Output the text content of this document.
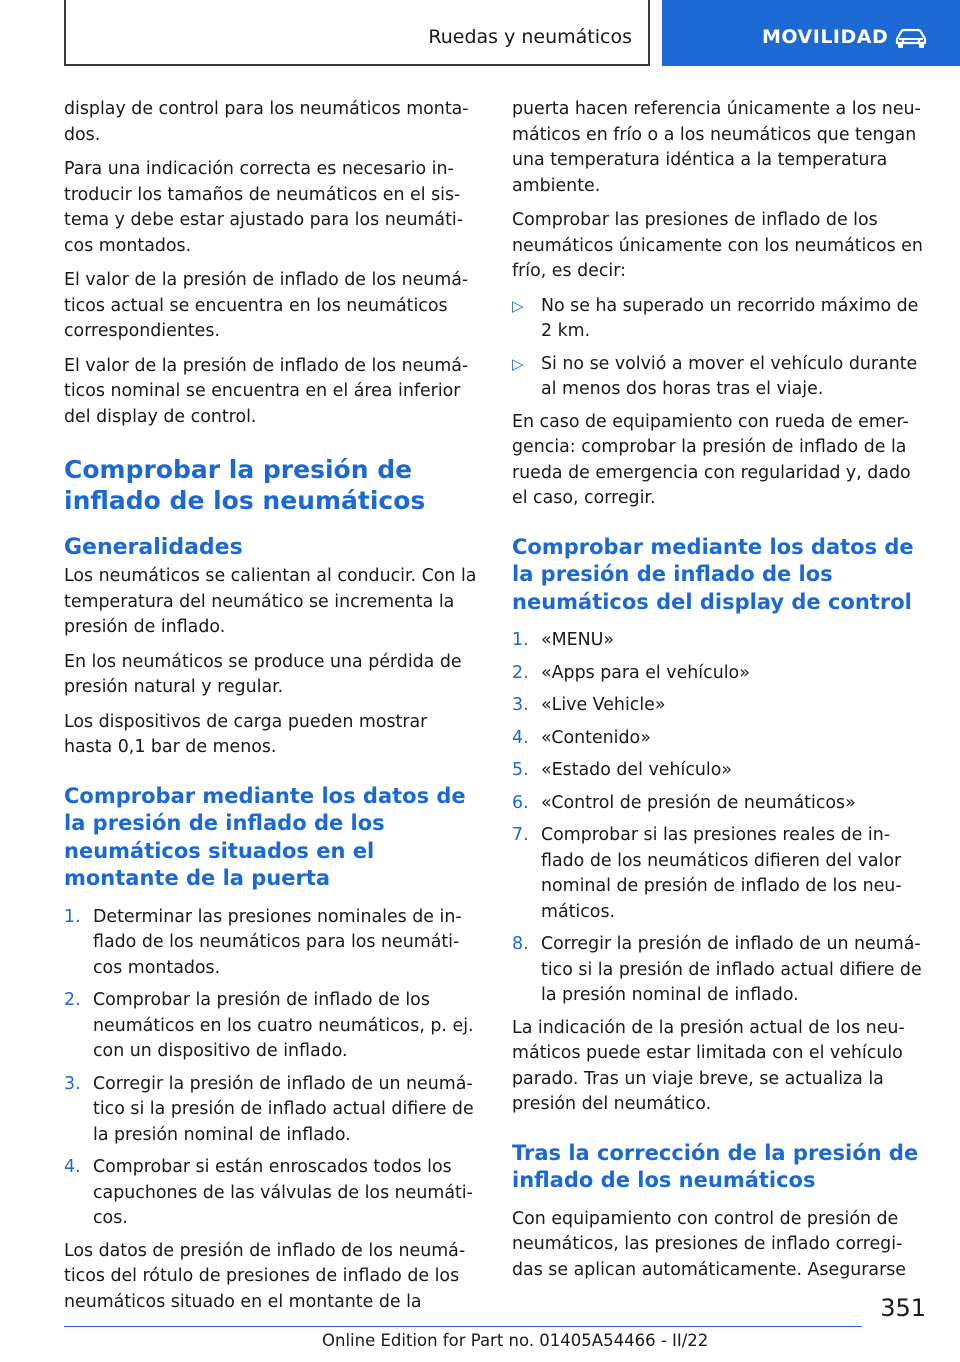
Ruedas y neumáticos	MOVILIDAD

display de control para los neumáticos monta-dos.

Para una indicación correcta es necesario in-troducir los tamaños de neumáticos en el sis-tema y debe estar ajustado para los neumáti-cos montados.

El valor de la presión de inflado de los neumá-ticos actual se encuentra en los neumáticos correspondientes.

El valor de la presión de inflado de los neumá-ticos nominal se encuentra en el área inferior del display de control.

Comprobar la presión de inflado de los neumáticos
Generalidades

Los neumáticos se calientan al conducir. Con la temperatura del neumático se incrementa la presión de inflado.

En los neumáticos se produce una pérdida de presión natural y regular.

Los dispositivos de carga pueden mostrar hasta 0,1 bar de menos.

Comprobar mediante los datos de la presión de inflado de los neumáticos situados en el montante de la puerta
1. Determinar las presiones nominales de in-flado de los neumáticos para los neumáti-cos montados.
2. Comprobar la presión de inflado de los neumáticos en los cuatro neumáticos, p. ej. con un dispositivo de inflado.
3. Corregir la presión de inflado de un neumá-tico si la presión de inflado actual difiere de la presión nominal de inflado.
4. Comprobar si están enroscados todos los capuchones de las válvulas de los neumáti-cos.

Los datos de presión de inflado de los neumá-ticos del rótulo de presiones de inflado de los neumáticos situado en el montante de la

puerta hacen referencia únicamente a los neu-máticos en frío o a los neumáticos que tengan una temperatura idéntica a la temperatura ambiente.

Comprobar las presiones de inflado de los neumáticos únicamente con los neumáticos en frío, es decir:

▷ No se ha superado un recorrido máximo de 2 km.
▷ Si no se volvió a mover el vehículo durante al menos dos horas tras el viaje.

En caso de equipamiento con rueda de emer-gencia: comprobar la presión de inflado de la rueda de emergencia con regularidad y, dado el caso, corregir.

Comprobar mediante los datos de la presión de inflado de los neumáticos del display de control
1. «MENU»
2. «Apps para el vehículo»
3. «Live Vehicle»
4. «Contenido»
5. «Estado del vehículo»
6. «Control de presión de neumáticos»
7. Comprobar si las presiones reales de in-flado de los neumáticos difieren del valor nominal de presión de inflado de los neu-máticos.
8. Corregir la presión de inflado de un neumá-tico si la presión de inflado actual difiere de la presión nominal de inflado.

La indicación de la presión actual de los neu-máticos puede estar limitada con el vehículo parado. Tras un viaje breve, se actualiza la presión del neumático.

Tras la corrección de la presión de inflado de los neumáticos

Con equipamiento con control de presión de neumáticos, las presiones de inflado corregi-das se aplican automáticamente. Asegurarse

351
Online Edition for Part no. 01405A54466 - II/22
